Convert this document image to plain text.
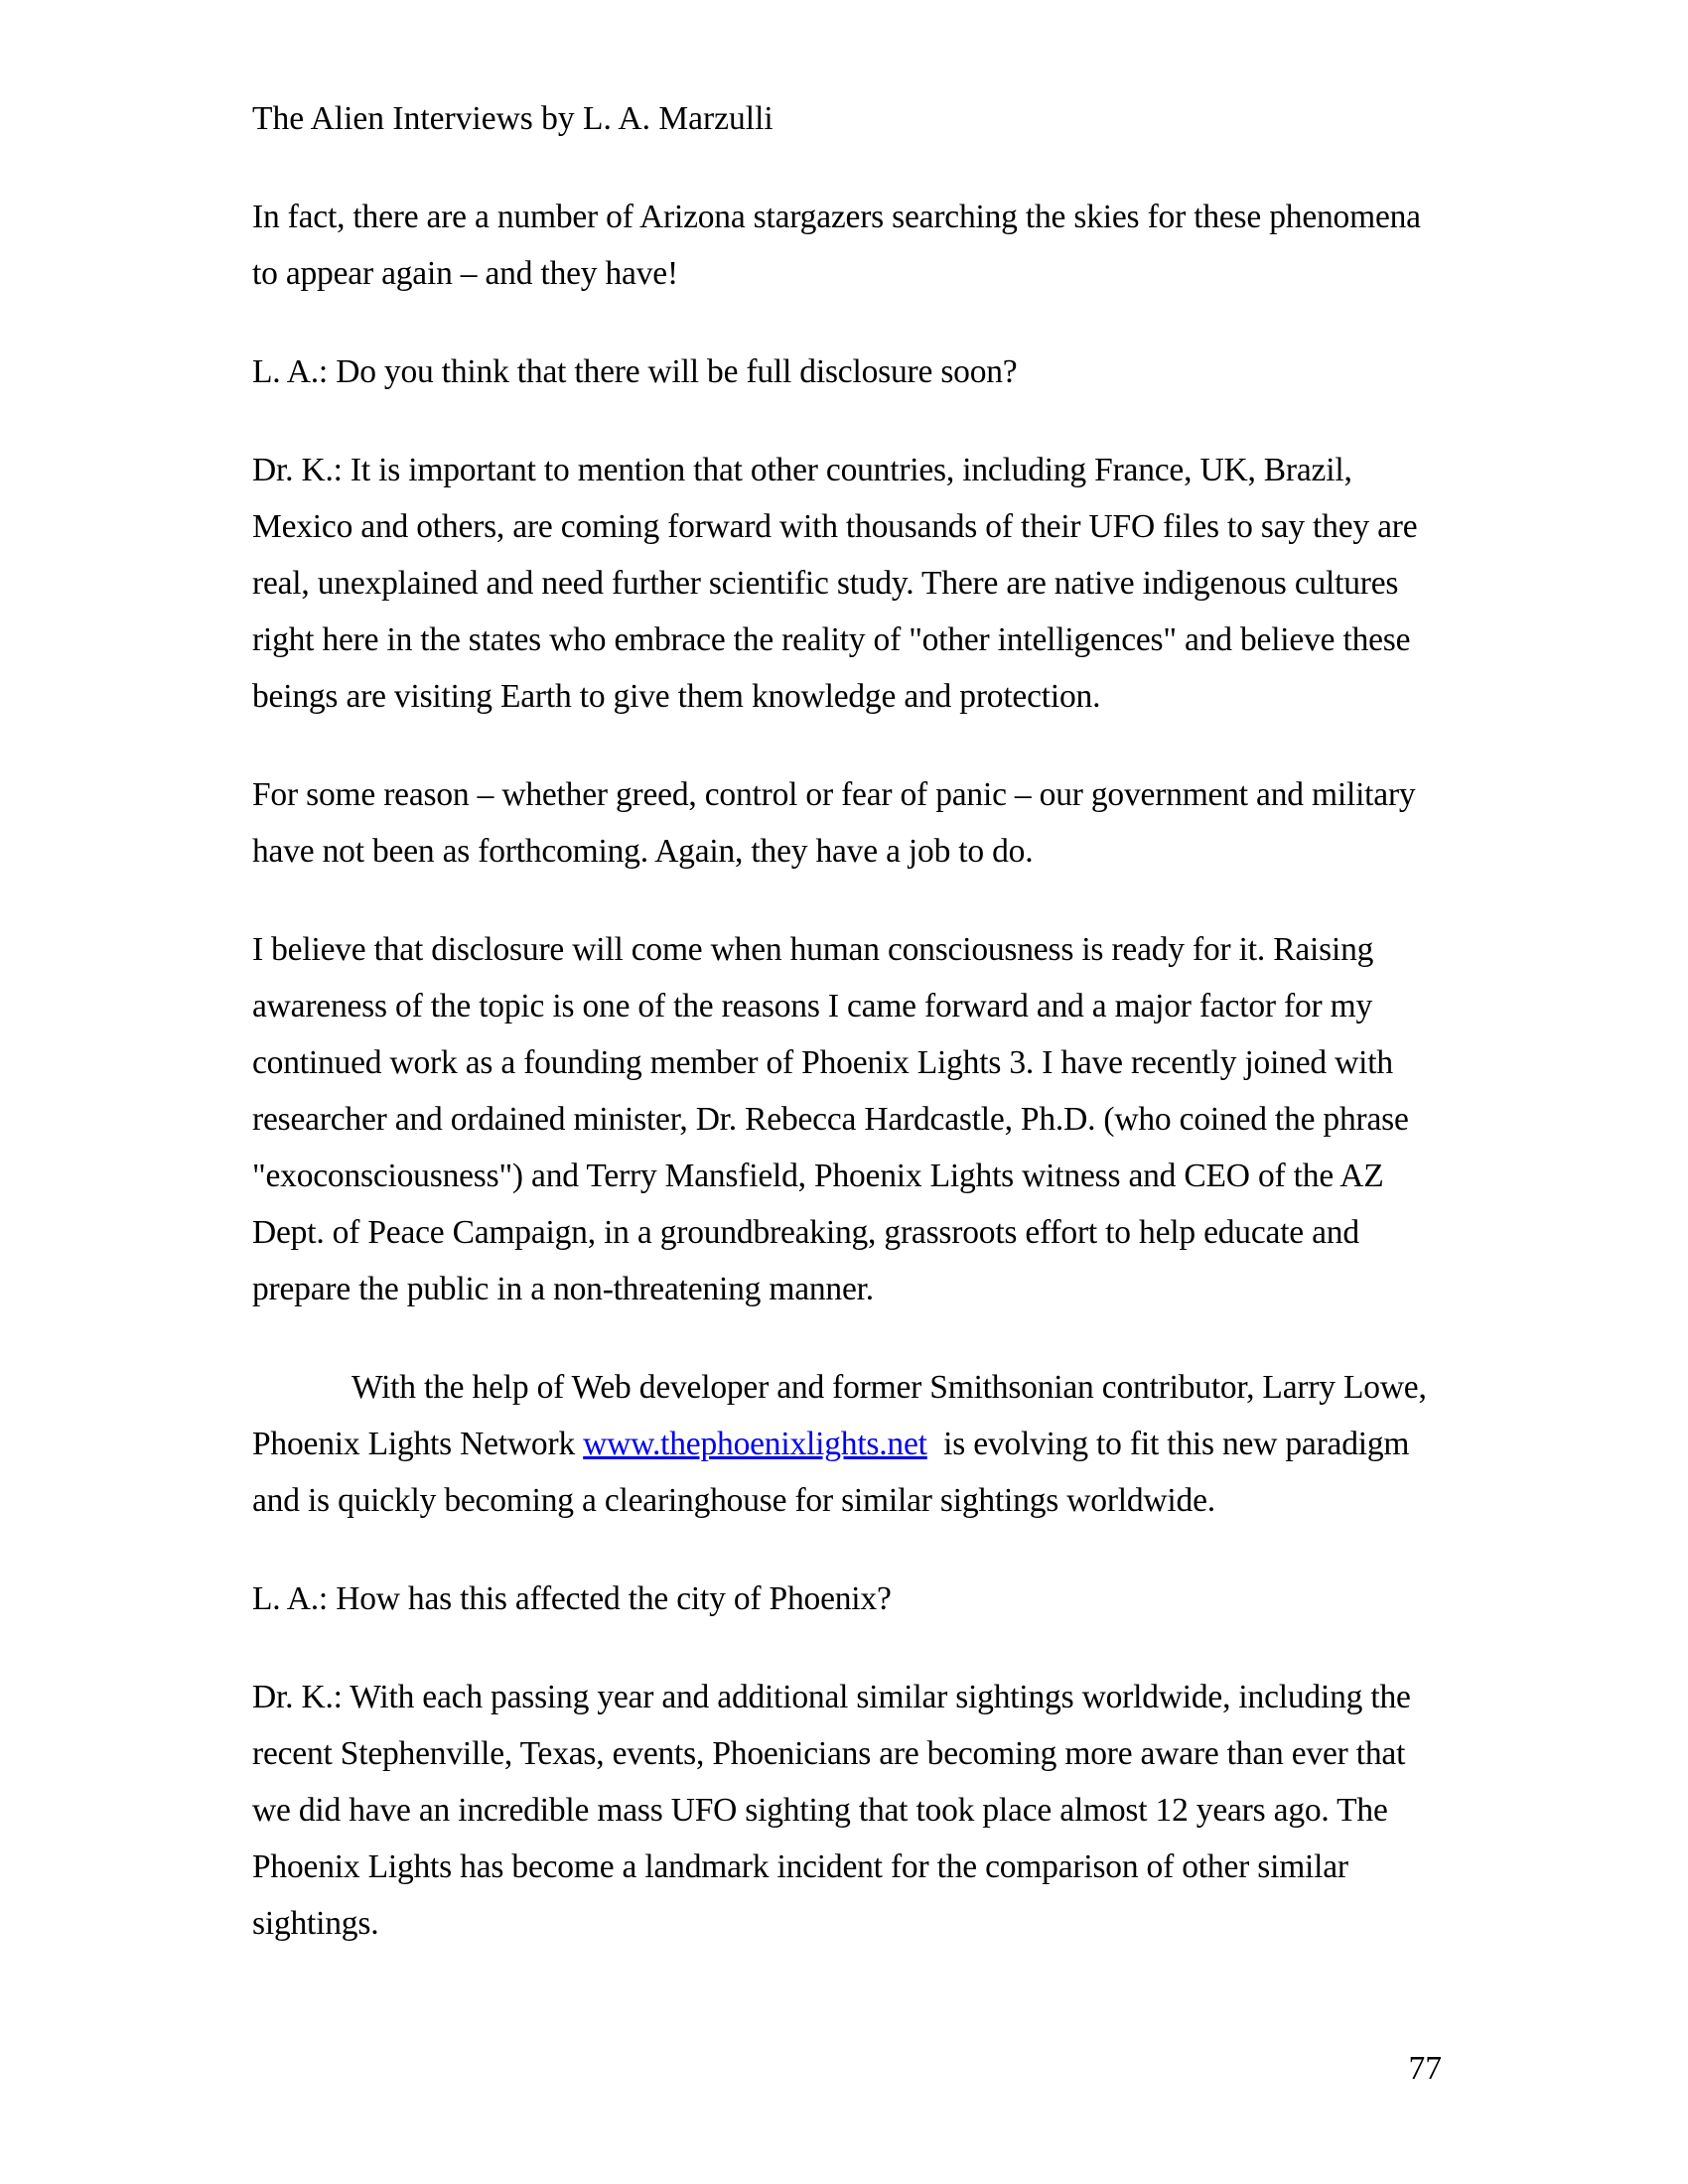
The Alien Interviews by L. A. Marzulli
In fact, there are a number of Arizona stargazers searching the skies for these phenomena
to appear again – and they have!
L. A.: Do you think that there will be full disclosure soon?
Dr. K.: It is important to mention that other countries, including France, UK, Brazil,
Mexico and others, are coming forward with thousands of their UFO files to say they are
real, unexplained and need further scientific study. There are native indigenous cultures
right here in the states who embrace the reality of "other intelligences" and believe these
beings are visiting Earth to give them knowledge and protection.
For some reason – whether greed, control or fear of panic – our government and military
have not been as forthcoming. Again, they have a job to do.
I believe that disclosure will come when human consciousness is ready for it. Raising
awareness of the topic is one of the reasons I came forward and a major factor for my
continued work as a founding member of Phoenix Lights 3. I have recently joined with
researcher and ordained minister, Dr. Rebecca Hardcastle, Ph.D. (who coined the phrase
"exoconsciousness") and Terry Mansfield, Phoenix Lights witness and CEO of the AZ
Dept. of Peace Campaign, in a groundbreaking, grassroots effort to help educate and
prepare the public in a non-threatening manner.
With the help of Web developer and former Smithsonian contributor, Larry Lowe,
Phoenix Lights Network www.thephoenixlights.net  is evolving to fit this new paradigm
and is quickly becoming a clearinghouse for similar sightings worldwide.
L. A.: How has this affected the city of Phoenix?
Dr. K.: With each passing year and additional similar sightings worldwide, including the
recent Stephenville, Texas, events, Phoenicians are becoming more aware than ever that
we did have an incredible mass UFO sighting that took place almost 12 years ago. The
Phoenix Lights has become a landmark incident for the comparison of other similar
sightings.
77
